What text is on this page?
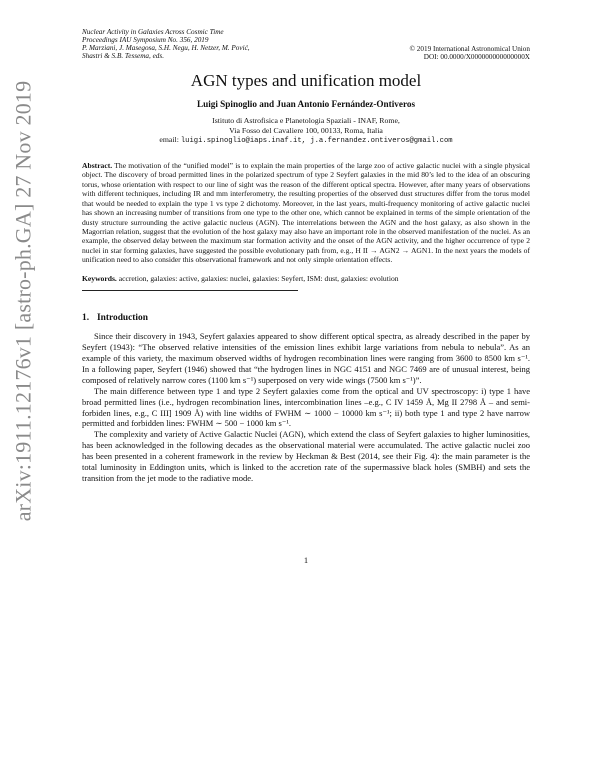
arXiv:1911.12176v1 [astro-ph.GA] 27 Nov 2019
Nuclear Activity in Galaxies Across Cosmic Time
Proceedings IAU Symposium No. 356, 2019
P. Marziani, J. Masegosa, S.H. Negu, H. Netzer, M. Pović,
Shastri & S.B. Tessema, eds.
© 2019 International Astronomical Union
DOI: 00.0000/X000000000000000X
AGN types and unification model
Luigi Spinoglio and Juan Antonio Fernández-Ontiveros
Istituto di Astrofisica e Planetologia Spaziali - INAF, Rome,
Via Fosso del Cavaliere 100, 00133, Roma, Italia
email: luigi.spinoglio@iaps.inaf.it, j.a.fernandez.ontiveros@gmail.com
Abstract. The motivation of the “unified model” is to explain the main properties of the large zoo of active galactic nuclei with a single physical object. The discovery of broad permitted lines in the polarized spectrum of type 2 Seyfert galaxies in the mid 80’s led to the idea of an obscuring torus, whose orientation with respect to our line of sight was the reason of the different optical spectra. However, after many years of observations with different techniques, including IR and mm interferometry, the resulting properties of the observed dust structures differ from the torus model that would be needed to explain the type 1 vs type 2 dichotomy. Moreover, in the last years, multi-frequency monitoring of active galactic nuclei has shown an increasing number of transitions from one type to the other one, which cannot be explained in terms of the simple orientation of the dusty structure surrounding the active galactic nucleus (AGN). The interrelations between the AGN and the host galaxy, as also shown in the Magorrian relation, suggest that the evolution of the host galaxy may also have an important role in the observed manifestation of the nuclei. As an example, the observed delay between the maximum star formation activity and the onset of the AGN activity, and the higher occurrence of type 2 nuclei in star forming galaxies, have suggested the possible evolutionary path from, e.g., H II → AGN2 → AGN1. In the next years the models of unification need to also consider this observational framework and not only simple orientation effects.
Keywords. accretion, galaxies: active, galaxies: nuclei, galaxies: Seyfert, ISM: dust, galaxies: evolution
1. Introduction

Since their discovery in 1943, Seyfert galaxies appeared to show different optical spectra, as already described in the paper by Seyfert (1943): “The observed relative intensities of the emission lines exhibit large variations from nebula to nebula”. As an example of this variety, the maximum observed widths of hydrogen recombination lines were ranging from 3600 to 8500 km s⁻¹. In a following paper, Seyfert (1946) showed that “the hydrogen lines in NGC 4151 and NGC 7469 are of unusual interest, being composed of relatively narrow cores (1100 km s⁻¹) superposed on very wide wings (7500 km s⁻¹)”.

The main difference between type 1 and type 2 Seyfert galaxies come from the optical and UV spectroscopy: i) type 1 have broad permitted lines (i.e., hydrogen recombination lines, intercombination lines –e.g., C IV 1459 Å, Mg II 2798 Å – and semi-forbiden lines, e.g., C III] 1909 Å) with line widths of FWHM ∼ 1000 − 10000 km s⁻¹; ii) both type 1 and type 2 have narrow permitted and forbidden lines: FWHM ∼ 500 − 1000 km s⁻¹.

The complexity and variety of Active Galactic Nuclei (AGN), which extend the class of Seyfert galaxies to higher luminosities, has been acknowledged in the following decades as the observational material were accumulated. The active galactic nuclei zoo has been presented in a coherent framework in the review by Heckman & Best (2014, see their Fig. 4): the main parameter is the total luminosity in Eddington units, which is linked to the accretion rate of the supermassive black holes (SMBH) and sets the transition from the jet mode to the radiative mode.

1
